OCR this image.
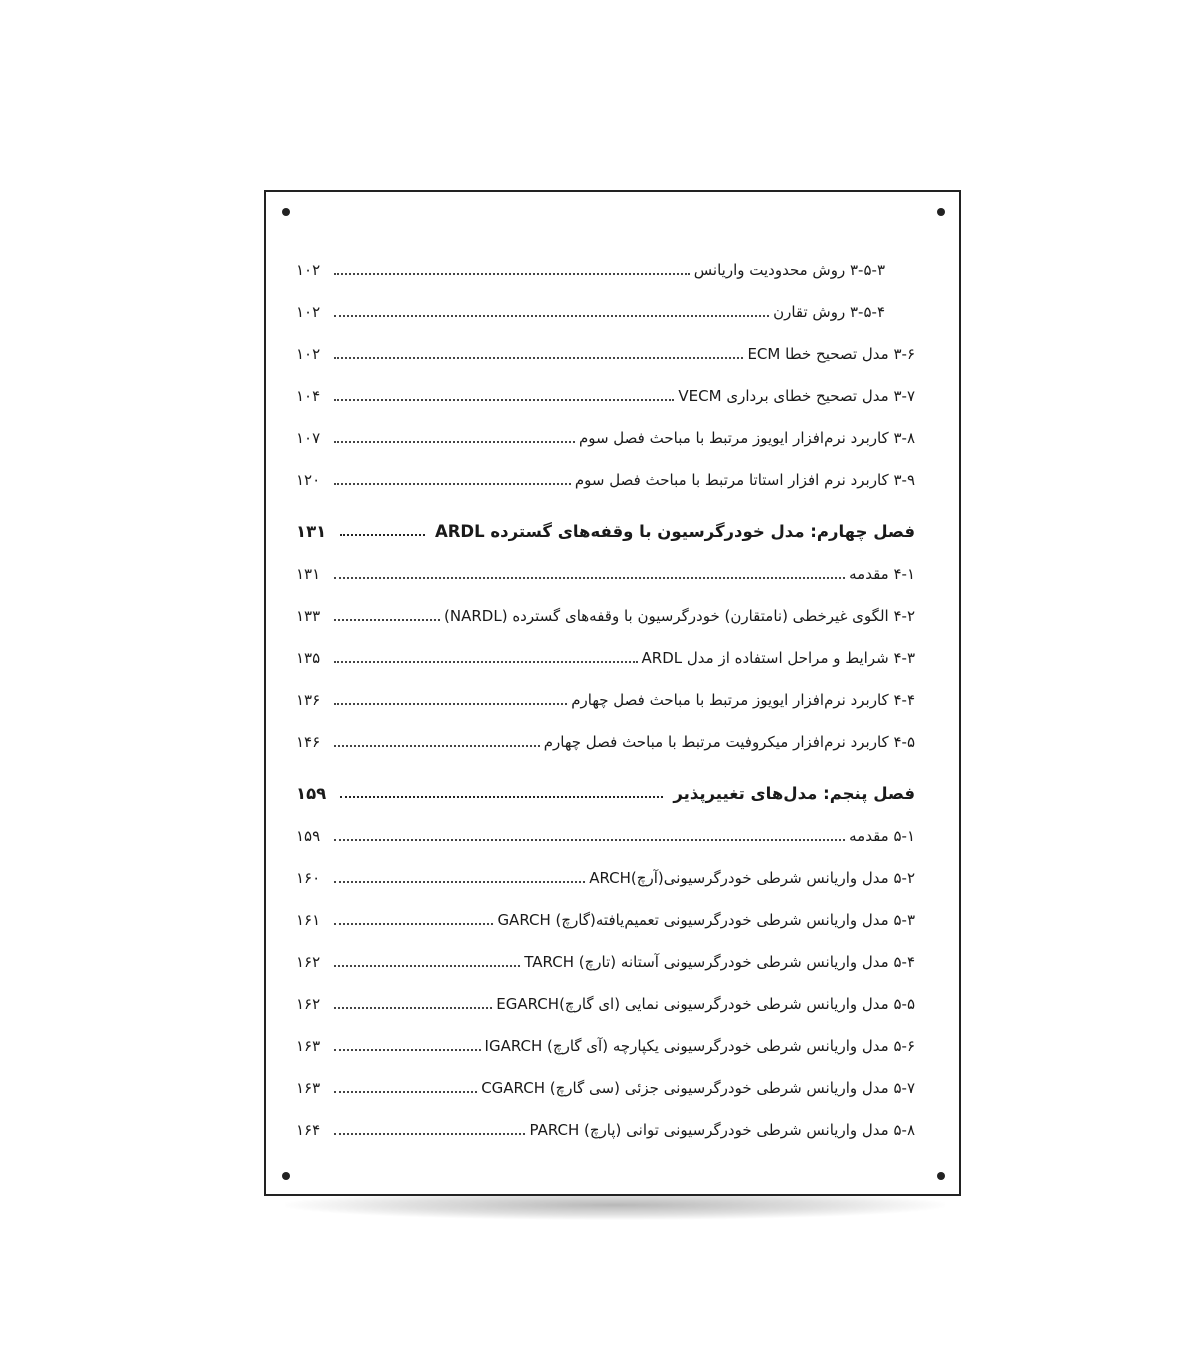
۳-۵-۳ روش محدودیت واریانس
۱۰۲
۳-۵-۴ روش تقارن
۱۰۲
۳-۶ مدل تصحیح خطا ECM
۱۰۲
۳-۷ مدل تصحیح خطای برداری VECM
۱۰۴
۳-۸ کاربرد نرم‌افزار ایویوز مرتبط با مباحث فصل سوم
۱۰۷
۳-۹ کاربرد نرم افزار استاتا مرتبط با مباحث فصل سوم
۱۲۰
فصل چهارم: مدل خودرگرسیون با وقفه‌های گسترده ARDL
۱۳۱
۴-۱ مقدمه
۱۳۱
۴-۲ الگوی غیرخطی (نامتقارن) خودرگرسیون با وقفه‌های گسترده (NARDL)
۱۳۳
۴-۳ شرایط و مراحل استفاده از مدل ARDL
۱۳۵
۴-۴ کاربرد نرم‌افزار ایویوز مرتبط با مباحث فصل چهارم
۱۳۶
۴-۵ کاربرد نرم‌افزار میکروفیت مرتبط با مباحث فصل چهارم
۱۴۶
فصل پنجم: مدل‌های تغییرپذیر
۱۵۹
۵-۱ مقدمه
۱۵۹
۵-۲ مدل واریانس شرطی خودرگرسیونی(آرچ)ARCH
۱۶۰
۵-۳ مدل واریانس شرطی خودرگرسیونی تعمیم‌یافته(گارچ) GARCH
۱۶۱
۵-۴ مدل واریانس شرطی خودرگرسیونی آستانه (تارچ) TARCH
۱۶۲
۵-۵ مدل واریانس شرطی خودرگرسیونی نمایی (ای گارچ)EGARCH
۱۶۲
۵-۶ مدل واریانس شرطی خودرگرسیونی یکپارچه (آی گارچ) IGARCH
۱۶۳
۵-۷ مدل واریانس شرطی خودرگرسیونی جزئی (سی گارچ) CGARCH
۱۶۳
۵-۸ مدل واریانس شرطی خودرگرسیونی توانی (پارچ) PARCH
۱۶۴
